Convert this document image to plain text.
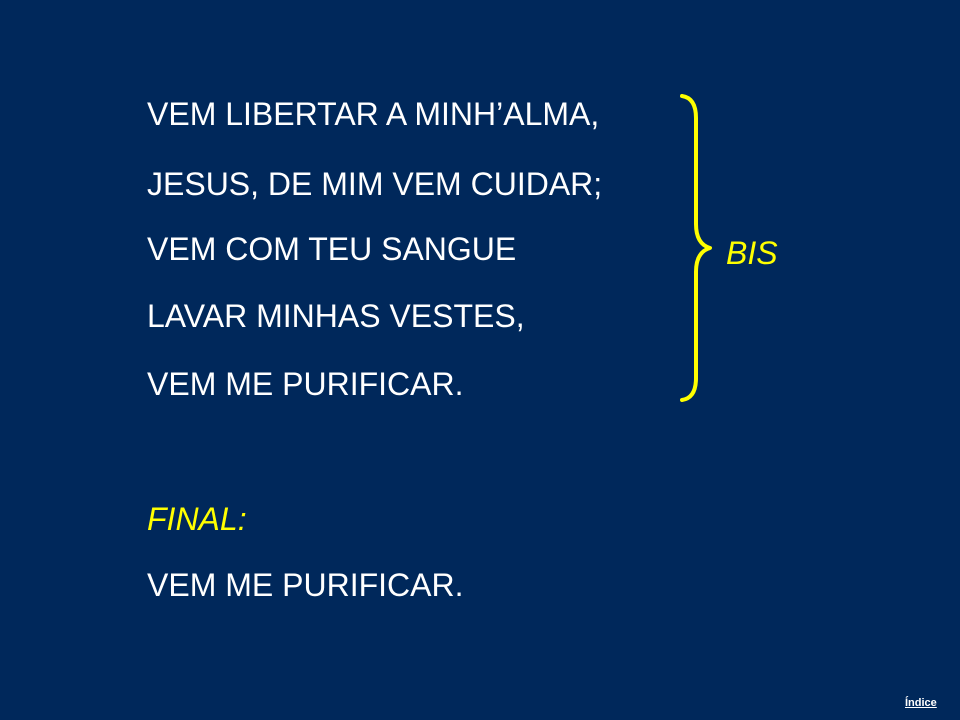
VEM LIBERTAR A MINH’ALMA,
JESUS, DE MIM VEM CUIDAR;
VEM COM TEU SANGUE
LAVAR MINHAS VESTES,
VEM ME PURIFICAR.
BIS
FINAL:
VEM ME PURIFICAR.
Índice
